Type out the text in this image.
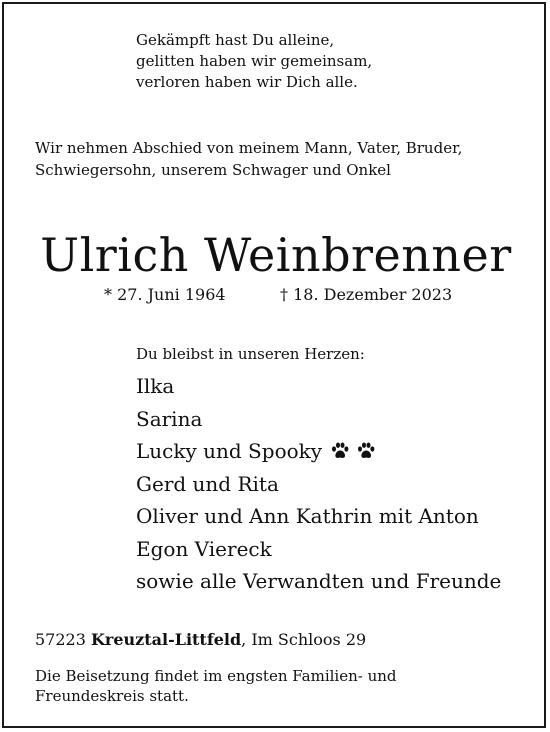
Gekämpft hast Du alleine,
gelitten haben wir gemeinsam,
verloren haben wir Dich alle.
Wir nehmen Abschied von meinem Mann, Vater, Bruder,
Schwiegersohn, unserem Schwager und Onkel
Ulrich Weinbrenner
* 27. Juni 1964	† 18. Dezember 2023
Du bleibst in unseren Herzen:
Ilka
Sarina
Lucky und Spooky
Gerd und Rita
Oliver und Ann Kathrin mit Anton
Egon Viereck
sowie alle Verwandten und Freunde
57223 Kreuztal-Littfeld, Im Schloos 29
Die Beisetzung findet im engsten Familien- und
Freundeskreis statt.
